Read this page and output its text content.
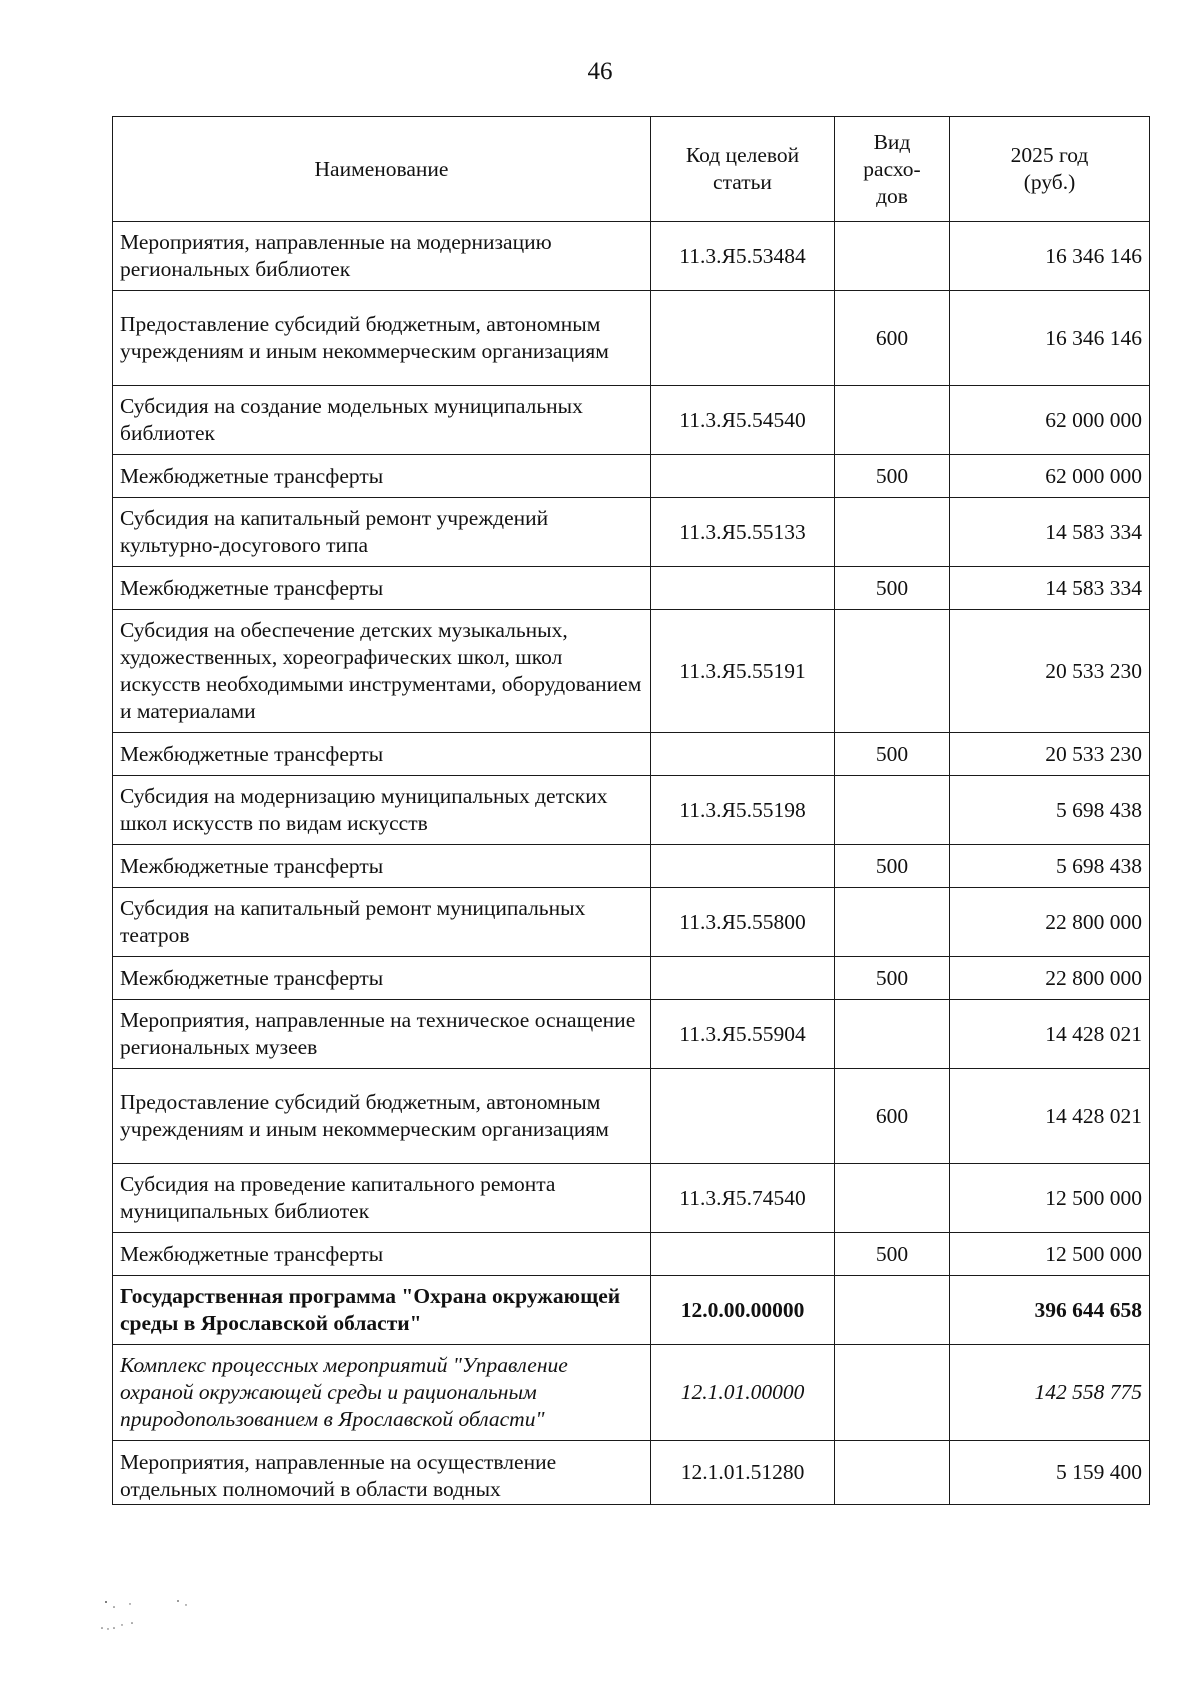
46
Наименование	Код целевой статьи	Вид расхо-дов	2025 год (руб.)
Мероприятия, направленные на модернизацию региональных библиотек	11.3.Я5.53484		16 346 146
Предоставление субсидий бюджетным, автономным учреждениям и иным некоммерческим организациям		600	16 346 146
Субсидия на создание модельных муниципальных библиотек	11.3.Я5.54540		62 000 000
Межбюджетные трансферты		500	62 000 000
Субсидия на капитальный ремонт учреждений культурно-досугового типа	11.3.Я5.55133		14 583 334
Межбюджетные трансферты		500	14 583 334
Субсидия на обеспечение детских музыкальных, художественных, хореографических школ, школ искусств необходимыми инструментами, оборудованием и материалами	11.3.Я5.55191		20 533 230
Межбюджетные трансферты		500	20 533 230
Субсидия на модернизацию муниципальных детских школ искусств по видам искусств	11.3.Я5.55198		5 698 438
Межбюджетные трансферты		500	5 698 438
Субсидия на капитальный ремонт муниципальных театров	11.3.Я5.55800		22 800 000
Межбюджетные трансферты		500	22 800 000
Мероприятия, направленные на техническое оснащение региональных музеев	11.3.Я5.55904		14 428 021
Предоставление субсидий бюджетным, автономным учреждениям и иным некоммерческим организациям		600	14 428 021
Субсидия на проведение капитального ремонта муниципальных библиотек	11.3.Я5.74540		12 500 000
Межбюджетные трансферты		500	12 500 000
Государственная программа "Охрана окружающей среды в Ярославской области"	12.0.00.00000		396 644 658
Комплекс процессных мероприятий "Управление охраной окружающей среды и рациональным природопользованием в Ярославской области"	12.1.01.00000		142 558 775
Мероприятия, направленные на осуществление отдельных полномочий в области водных	12.1.01.51280		5 159 400
